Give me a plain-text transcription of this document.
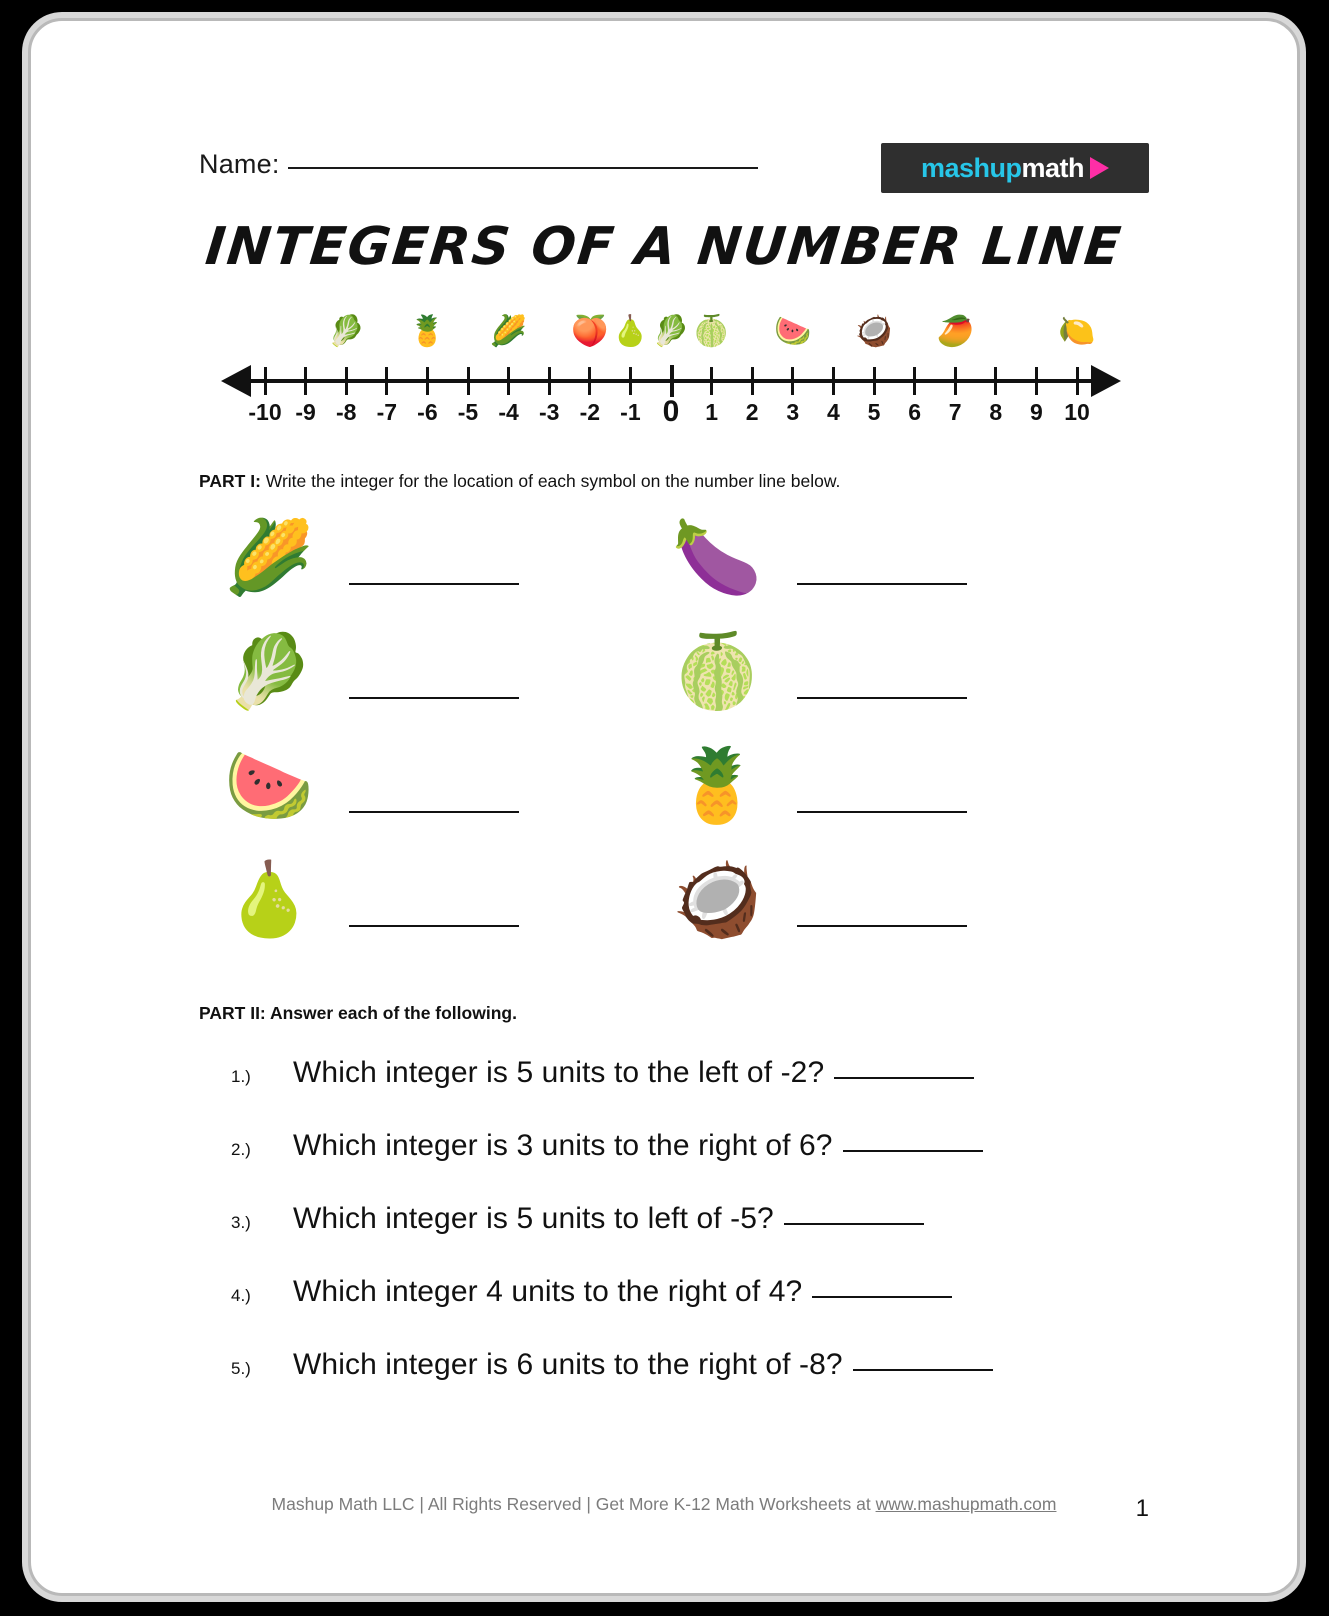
Name:	mashup math
INTEGERS OF A NUMBER LINE
-10 -9 -8 -7 -6 -5 -4 -3 -2 -1 0 1 2 3 4 5 6 7 8 9 10
🥬 🍍 🌽 🍑 🍐 🥬 🍈 🍉 🥥 🥭	🍋
PART I: Write the integer for the location of each symbol on the number line below.
🌽
🥬
🍉
🍐
🍆
🍈
🍍
🥥
PART II: Answer each of the following.
1.)	Which integer is 5 units to the left of -2?
2.)	Which integer is 3 units to the right of 6?
3.)	Which integer is 5 units to left of -5?
4.)	Which integer 4 units to the right of 4?
5.)	Which integer is 6 units to the right of -8?
Mashup Math LLC | All Rights Reserved | Get More K-12 Math Worksheets at www.mashupmath.com	1
